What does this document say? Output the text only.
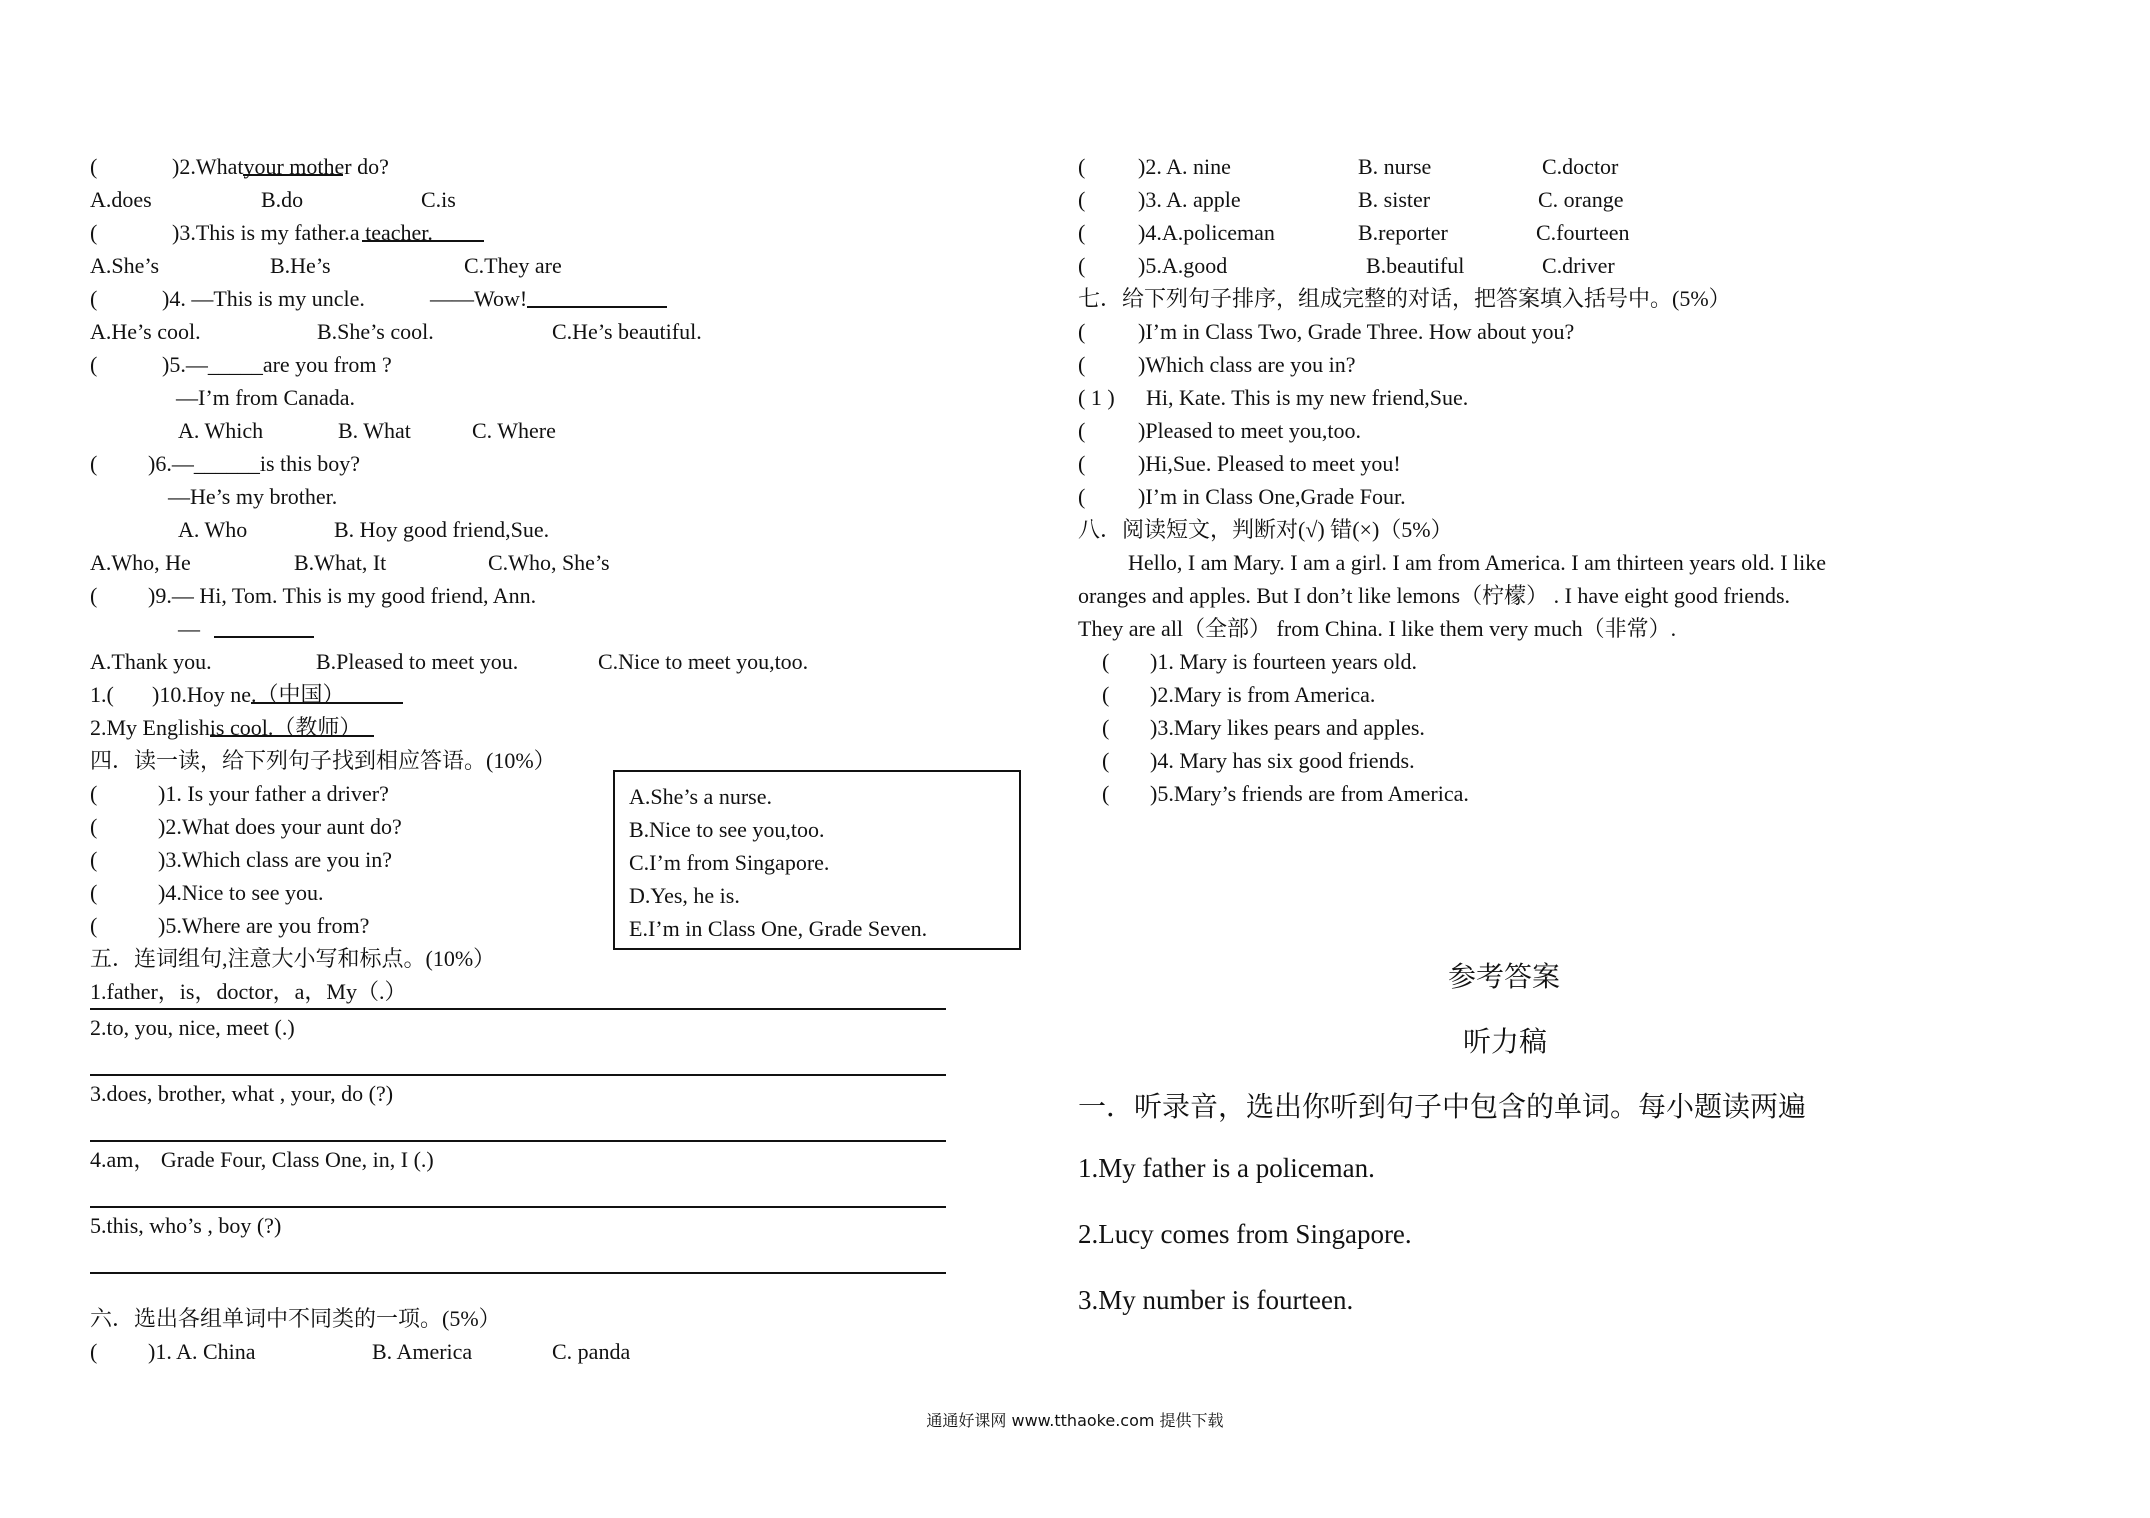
(	)2.What
your mother do?
A.does	B.do	C.is
(	)3.This is my father.
a teacher.
A.She’s	B.He’s	C.They are
(	)4. —This is my uncle.	——Wow!
A.He’s cool.	B.She’s cool.	C.He’s beautiful.
(	)5.—_____are you from ?
—I’m from Canada.
A. Which	B. What	C. Where
( )6.—______is this boy?
—He’s my brother.
A. Who	B. Hoy good friend,Sue.
A.Who, He	B.What, It	C.Who, She’s
( )9.— Hi, Tom. This is my good friend, Ann.
—
A.Thank you.	B.Pleased to meet you.	C.Nice to meet you,too.
1.( )10.Hoy ne
.（中国）
2.My English
is cool.（教师）
四．读一读，给下列句子找到相应答语。(10%）
(	)1. Is your father a driver?
(	)2.What does your aunt do?
(	)3.Which class are you in?
(	)4.Nice to see you.
(	)5.Where are you from?
五．连词组句,注意大小写和标点。(10%）
1.father，is，doctor，a，My（.）
2.to, you, nice, meet (.)
3.does, brother, what , your, do (?)
4.am， Grade Four, Class One, in, I (.)
5.this, who’s , boy (?)
六．选出各组单词中不同类的一项。(5%）
( )1. A. China	B. America	C. panda
A.She’s a nurse.
B.Nice to see you,too.
C.I’m from Singapore.
D.Yes, he is.
E.I’m in Class One, Grade Seven.
( )2. A. nine	B. nurse	C.doctor
( )3. A. apple	B. sister	C. orange
( )4.A.policeman	B.reporter	C.fourteen
( )5.A.good	B.beautiful	C.driver
七．给下列句子排序，组成完整的对话，把答案填入括号中。(5%）
( )I’m in Class Two, Grade Three. How about you?
( )Which class are you in?
( 1 ) Hi, Kate. This is my new friend,Sue.
( )Pleased to meet you,too.
( )Hi,Sue. Pleased to meet you!
( )I’m in Class One,Grade Four.
八．阅读短文，判断对(√) 错(×)（5%）
Hello, I am Mary. I am a girl. I am from America. I am thirteen years old. I like
oranges and apples. But I don’t like lemons（柠檬） . I have eight good friends.
They are all（全部） from China. I like them very much（非常）.
( )1. Mary is fourteen years old.
( )2.Mary is from America.
( )3.Mary likes pears and apples.
( )4. Mary has six good friends.
( )5.Mary’s friends are from America.
参考答案
听力稿
一．听录音，选出你听到句子中包含的单词。每小题读两遍
1.My father is a policeman.
2.Lucy comes from Singapore.
3.My number is fourteen.
通通好课网 www.tthaoke.com 提供下载
